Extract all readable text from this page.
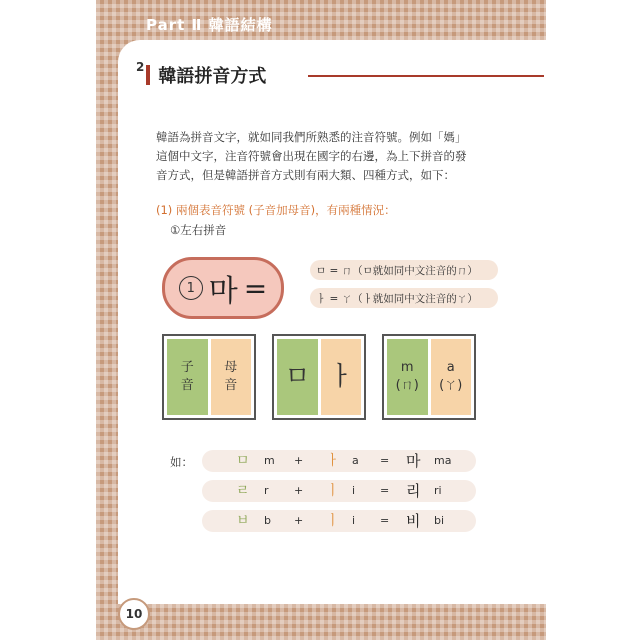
Part Ⅱ 韓語結構
2 韓語拼音方式
韓語為拼音文字，就如同我們所熟悉的注音符號。例如「媽」
這個中文字，注音符號會出現在國字的右邊，為上下拼音的發
音方式，但是韓語拼音方式則有兩大類、四種方式，如下：
(1) 兩個表音符號 (子音加母音)，有兩種情況：
①左右拼音
1 마 =
ㅁ = ㄇ（ㅁ就如同中文注音的ㄇ）
ㅏ = ㄚ（ㅏ就如同中文注音的ㄚ）
子
音
母
音 ㅁ ㅏ	m
(ㄇ)
a
(ㄚ)
如：	ㅁ m + ㅏ a = 마 ma
ㄹ r + ㅣ i = 리 ri
ㅂ b + ㅣ i = 비 bi
10
